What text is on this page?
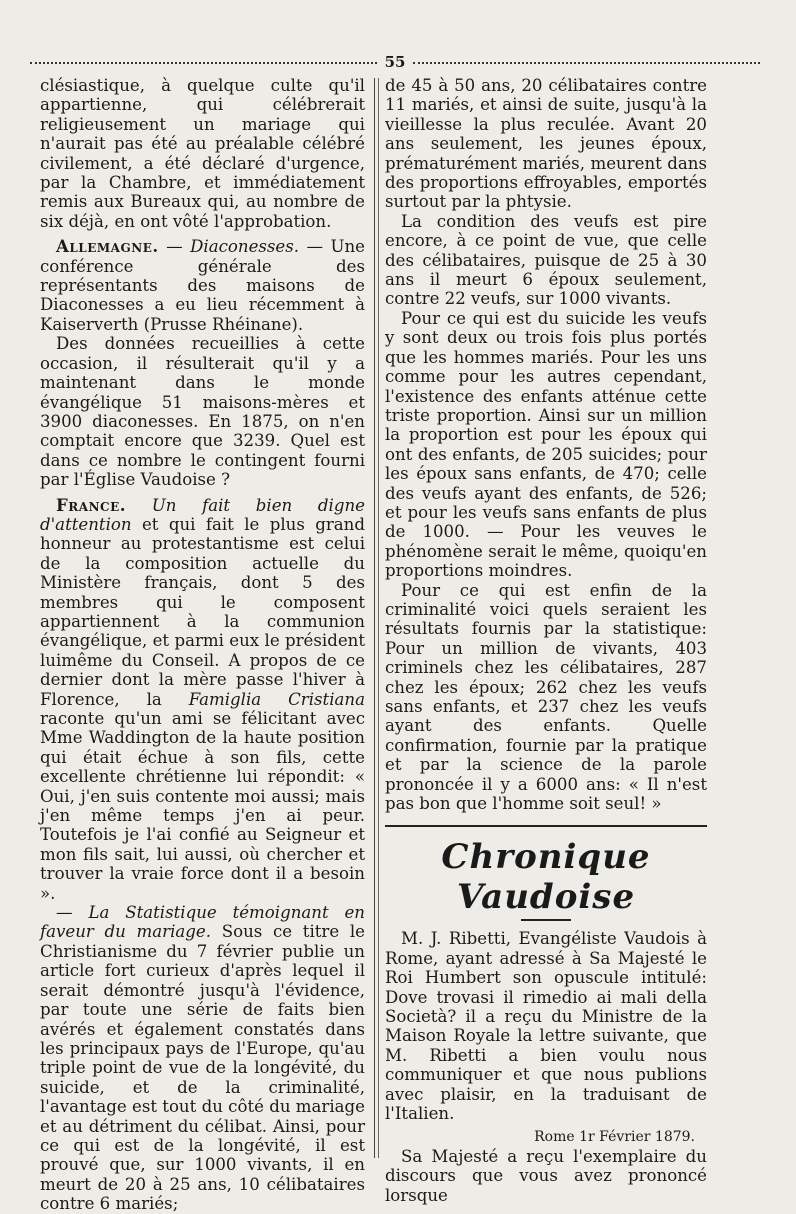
55

clésiastique, à quelque culte qu'il appartienne, qui célébrerait religieusement un mariage qui n'aurait pas été au préalable célébré civilement, a été déclaré d'urgence, par la Chambre, et immédiatement remis aux Bureaux qui, au nombre de six déjà, en ont vôté l'approbation.

Allemagne. — Diaconesses. — Une conférence générale des représentants des maisons de Diaconesses a eu lieu récemment à Kaiserverth (Prusse Rhéinane).

Des données recueillies à cette occasion, il résulterait qu'il y a maintenant dans le monde évangélique 51 maisons-mères et 3900 diaconesses. En 1875, on n'en comptait encore que 3239. Quel est dans ce nombre le contingent fourni par l'Église Vaudoise ?

France. Un fait bien digne d'attention et qui fait le plus grand honneur au protestantisme est celui de la composition actuelle du Ministère français, dont 5 des membres qui le composent appartiennent à la communion évangélique, et parmi eux le président luimême du Conseil. A propos de ce dernier dont la mère passe l'hiver à Florence, la Famiglia Cristiana raconte qu'un ami se félicitant avec Mme Waddington de la haute position qui était échue à son fils, cette excellente chrétienne lui répondit: « Oui, j'en suis contente moi aussi; mais j'en même temps j'en ai peur. Toutefois je l'ai confié au Seigneur et mon fils sait, lui aussi, où chercher et trouver la vraie force dont il a besoin ».

— La Statistique témoignant en faveur du mariage. Sous ce titre le Christianisme du 7 février publie un article fort curieux d'après lequel il serait démontré jusqu'à l'évidence, par toute une série de faits bien avérés et également constatés dans les principaux pays de l'Europe, qu'au triple point de vue de la longévité, du suicide, et de la criminalité, l'avantage est tout du côté du mariage et au détriment du célibat. Ainsi, pour ce qui est de la longévité, il est prouvé que, sur 1000 vivants, il en meurt de 20 à 25 ans, 10 célibataires contre 6 mariés;

de 45 à 50 ans, 20 célibataires contre 11 mariés, et ainsi de suite, jusqu'à la vieillesse la plus reculée. Avant 20 ans seulement, les jeunes époux, prématurément mariés, meurent dans des proportions effroyables, emportés surtout par la phtysie.

La condition des veufs est pire encore, à ce point de vue, que celle des célibataires, puisque de 25 à 30 ans il meurt 6 époux seulement, contre 22 veufs, sur 1000 vivants.

Pour ce qui est du suicide les veufs y sont deux ou trois fois plus portés que les hommes mariés. Pour les uns comme pour les autres cependant, l'existence des enfants atténue cette triste proportion. Ainsi sur un million la proportion est pour les époux qui ont des enfants, de 205 suicides; pour les époux sans enfants, de 470; celle des veufs ayant des enfants, de 526; et pour les veufs sans enfants de plus de 1000. — Pour les veuves le phénomène serait le même, quoiqu'en proportions moindres.

Pour ce qui est enfin de la criminalité voici quels seraient les résultats fournis par la statistique: Pour un million de vivants, 403 criminels chez les célibataires, 287 chez les époux; 262 chez les veufs sans enfants, et 237 chez les veufs ayant des enfants. Quelle confirmation, fournie par la pratique et par la science de la parole prononcée il y a 6000 ans: « Il n'est pas bon que l'homme soit seul! »

Chronique Vaudoise

M. J. Ribetti, Evangéliste Vaudois à Rome, ayant adressé à Sa Majesté le Roi Humbert son opuscule intitulé: Dove trovasi il rimedio ai mali della Società? il a reçu du Ministre de la Maison Royale la lettre suivante, que M. Ribetti a bien voulu nous communiquer et que nous publions avec plaisir, en la traduisant de l'Italien.

Rome 1r Février 1879.

Sa Majesté a reçu l'exemplaire du discours que vous avez prononcé lorsque
